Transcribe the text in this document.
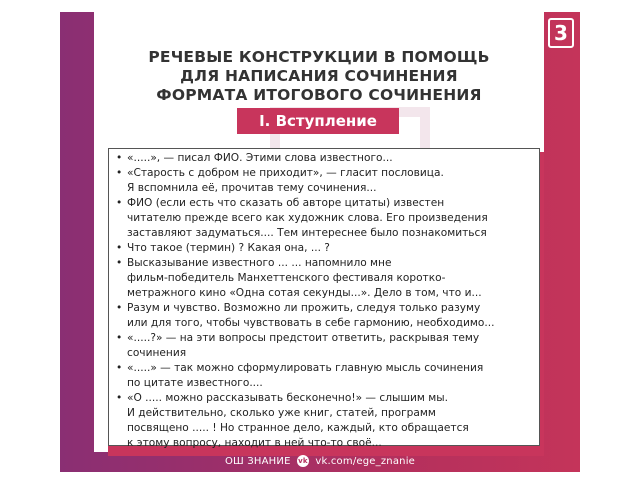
3
РЕЧЕВЫЕ КОНСТРУКЦИИ В ПОМОЩЬ
ДЛЯ НАПИСАНИЯ СОЧИНЕНИЯ
ФОРМАТА ИТОГОВОГО СОЧИНЕНИЯ
I. Вступление
• «.....», — писал ФИО. Этими слова известного...
• «Старость с добром не приходит», — гласит пословица.
Я вспомнила её, прочитав тему сочинения...
• ФИО (если есть что сказать об авторе цитаты) известен
читателю прежде всего как художник слова. Его произведения
заставляют задуматься.... Тем интереснее было познакомиться
• Что такое (термин) ? Какая она, ... ?
• Высказывание известного ... ... напомнило мне
фильм-победитель Манхеттенского фестиваля коротко-
метражного кино «Одна сотая секунды...». Дело в том, что и...
• Разум и чувство. Возможно ли прожить, следуя только разуму
или для того, чтобы чувствовать в себе гармонию, необходимо...
• «.....?» — на эти вопросы предстоит ответить, раскрывая тему
сочинения
• «.....» — так можно сформулировать главную мысль сочинения
по цитате известного....
• «О ..... можно рассказывать бесконечно!» — слышим мы.
И действительно, сколько уже книг, статей, программ
посвящено ..... ! Но странное дело, каждый, кто обращается
к этому вопросу, находит в ней что-то своё...
ОШ ЗНАНИЕ vk vk.com/ege_znanie
